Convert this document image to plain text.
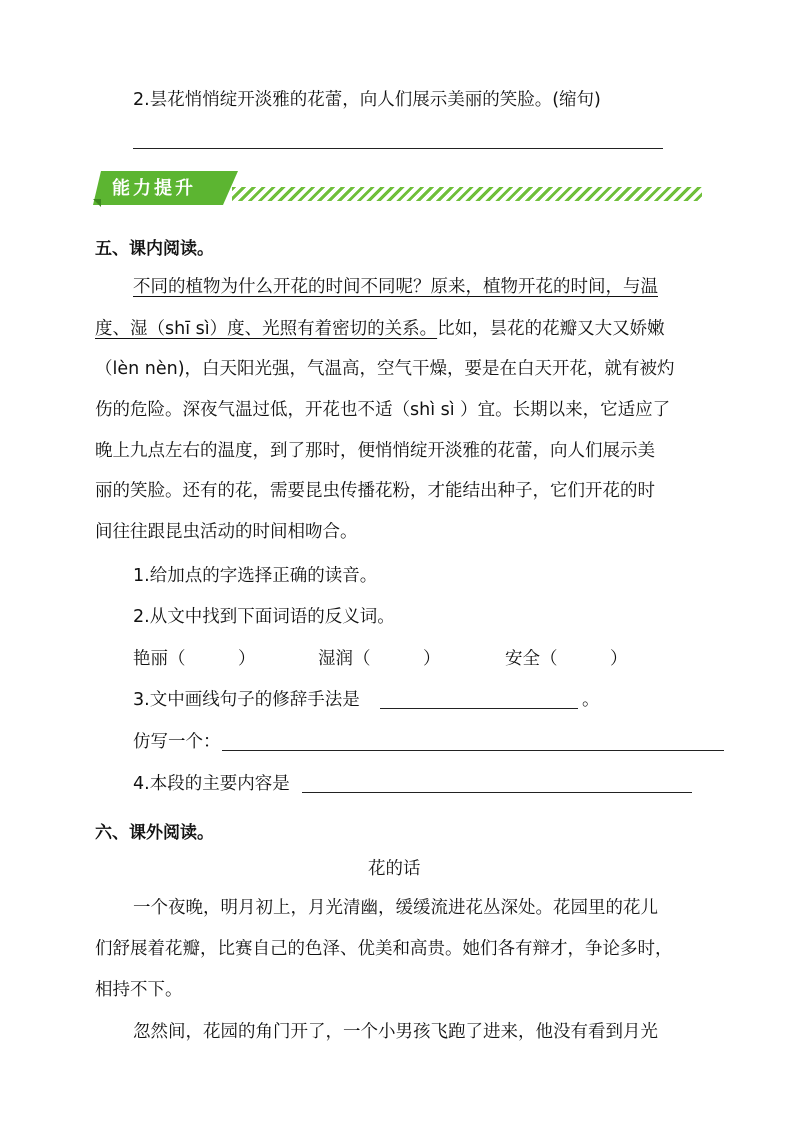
2.昙花悄悄绽开淡雅的花蕾，向人们展示美丽的笑脸。(缩句)
能力提升
五、课内阅读。
不同的植物为什么开花的时间不同呢？原来，植物开花的时间，与温
度、湿（shī sì）度、光照有着密切的关系。比如，昙花的花瓣又大又娇嫩
（lèn nèn)，白天阳光强，气温高，空气干燥，要是在白天开花，就有被灼
伤的危险。深夜气温过低，开花也不适（shì sì ）宜。长期以来，它适应了
晚上九点左右的温度，到了那时，便悄悄绽开淡雅的花蕾，向人们展示美
丽的笑脸。还有的花，需要昆虫传播花粉，才能结出种子，它们开花的时
间往往跟昆虫活动的时间相吻合。
1.给加点的字选择正确的读音。
2.从文中找到下面词语的反义词。
艳丽（　　　）	湿润（　　　）	安全（　　　）
3.文中画线句子的修辞手法是	。
仿写一个：
4.本段的主要内容是
六、课外阅读。
花的话
一个夜晚，明月初上，月光清幽，缓缓流进花丛深处。花园里的花儿
们舒展着花瓣，比赛自己的色泽、优美和高贵。她们各有辩才，争论多时，
相持不下。
忽然间，花园的角门开了，一个小男孩飞跑了进来，他没有看到月光
